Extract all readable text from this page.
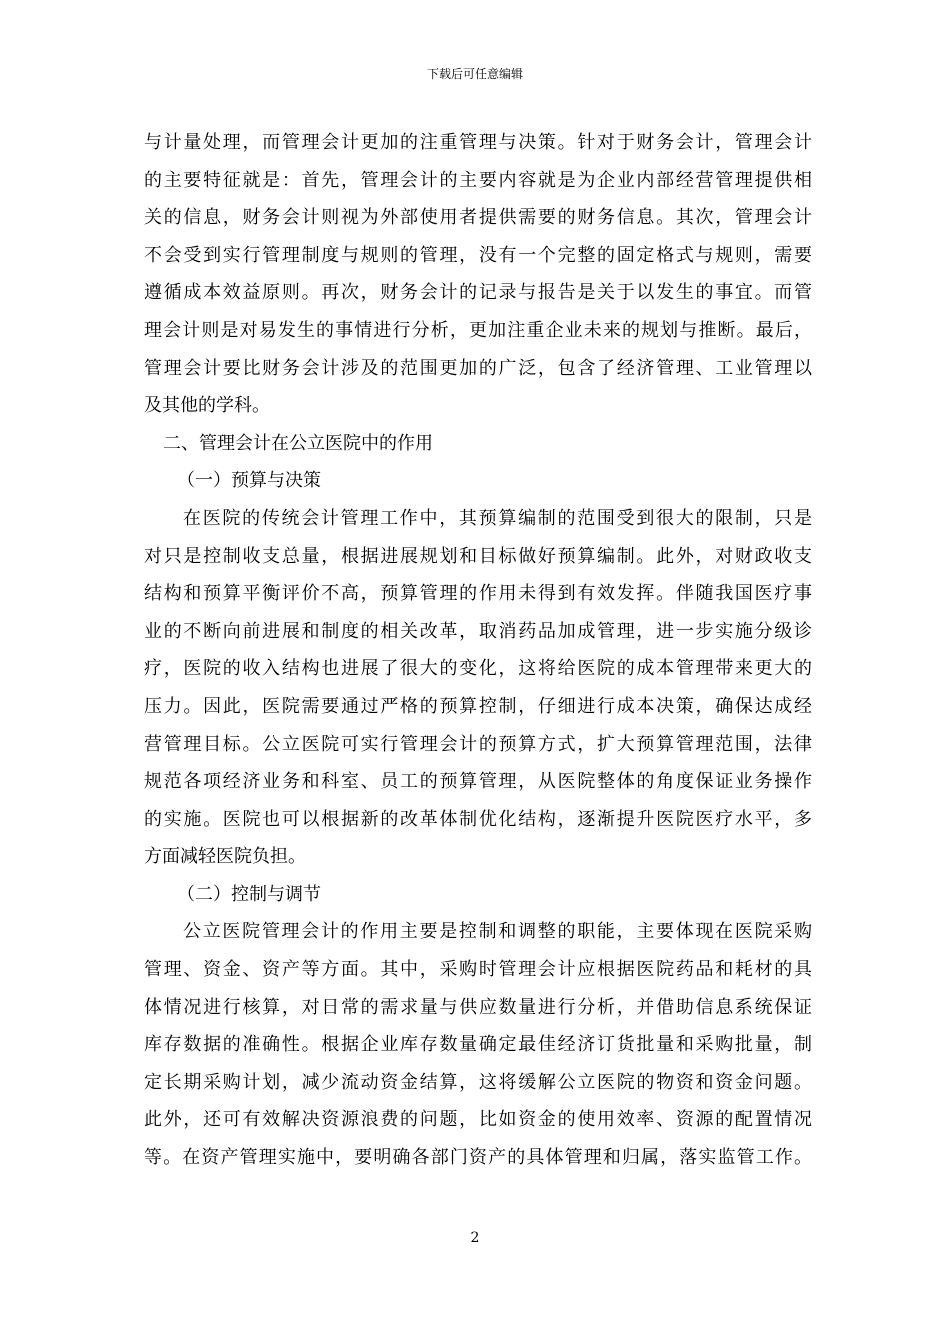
下载后可任意编辑
与计量处理，而管理会计更加的注重管理与决策。针对于财务会计，管理会计
的主要特征就是：首先，管理会计的主要内容就是为企业内部经营管理提供相
关的信息，财务会计则视为外部使用者提供需要的财务信息。其次，管理会计
不会受到实行管理制度与规则的管理，没有一个完整的固定格式与规则，需要
遵循成本效益原则。再次，财务会计的记录与报告是关于以发生的事宜。而管
理会计则是对易发生的事情进行分析，更加注重企业未来的规划与推断。最后，
管理会计要比财务会计涉及的范围更加的广泛，包含了经济管理、工业管理以
及其他的学科。
二、管理会计在公立医院中的作用
（一）预算与决策
在医院的传统会计管理工作中，其预算编制的范围受到很大的限制，只是
对只是控制收支总量，根据进展规划和目标做好预算编制。此外，对财政收支
结构和预算平衡评价不高，预算管理的作用未得到有效发挥。伴随我国医疗事
业的不断向前进展和制度的相关改革，取消药品加成管理，进一步实施分级诊
疗，医院的收入结构也进展了很大的变化，这将给医院的成本管理带来更大的
压力。因此，医院需要通过严格的预算控制，仔细进行成本决策，确保达成经
营管理目标。公立医院可实行管理会计的预算方式，扩大预算管理范围，法律
规范各项经济业务和科室、员工的预算管理，从医院整体的角度保证业务操作
的实施。医院也可以根据新的改革体制优化结构，逐渐提升医院医疗水平，多
方面减轻医院负担。
（二）控制与调节
公立医院管理会计的作用主要是控制和调整的职能，主要体现在医院采购
管理、资金、资产等方面。其中，采购时管理会计应根据医院药品和耗材的具
体情况进行核算，对日常的需求量与供应数量进行分析，并借助信息系统保证
库存数据的准确性。根据企业库存数量确定最佳经济订货批量和采购批量，制
定长期采购计划，减少流动资金结算，这将缓解公立医院的物资和资金问题。
此外，还可有效解决资源浪费的问题，比如资金的使用效率、资源的配置情况
等。在资产管理实施中，要明确各部门资产的具体管理和归属，落实监管工作。
2
